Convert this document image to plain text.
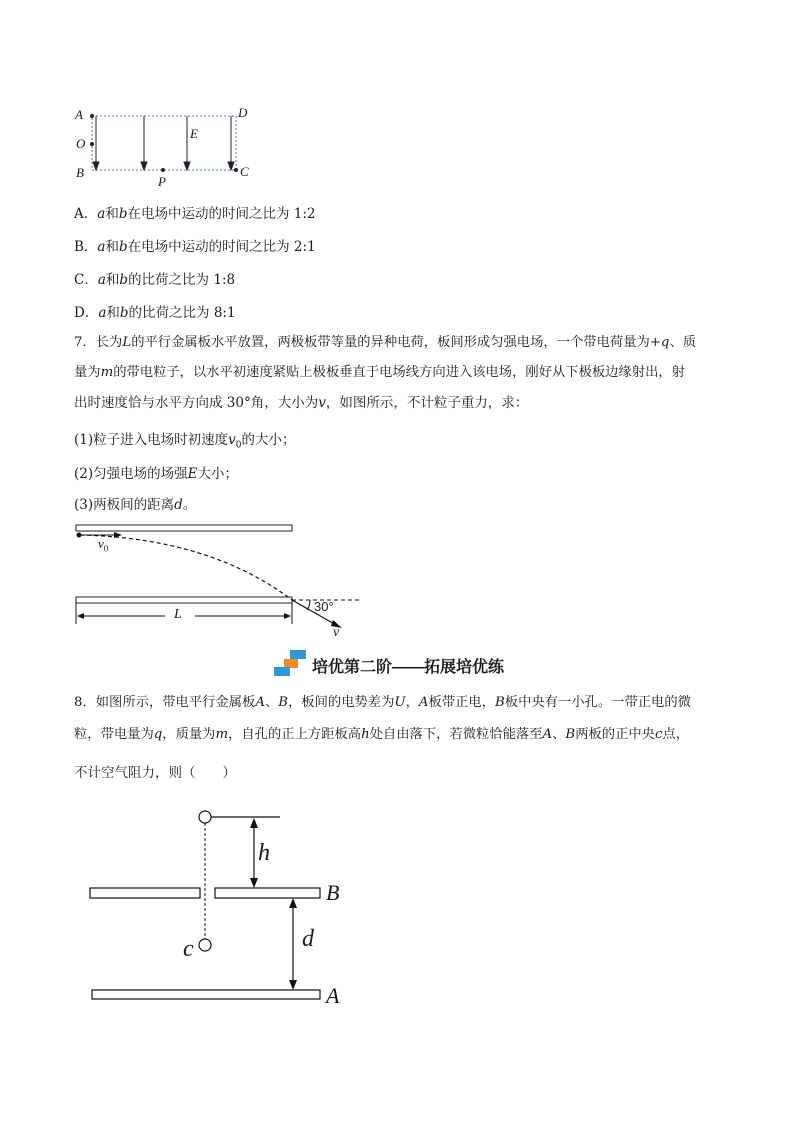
A	D
O
E
B
P
C
A．a和b在电场中运动的时间之比为 1:2
B．a和b在电场中运动的时间之比为 2:1
C．a和b的比荷之比为 1:8
D．a和b的比荷之比为 8:1
7．长为L的平行金属板水平放置，两极板带等量的异种电荷，板间形成匀强电场，一个带电荷量为+q、质
量为m的带电粒子，以水平初速度紧贴上极板垂直于电场线方向进入该电场，刚好从下极板边缘射出，射
出时速度恰与水平方向成 30°角，大小为v，如图所示，不计粒子重力，求：
(1)粒子进入电场时初速度$v_0$的大小；
(2)匀强电场的场强E大小；
(3)两板间的距离d。
$v_0$
L
30°
v
培优第二阶——拓展培优练
8．如图所示，带电平行金属板A、B，板间的电势差为U，A板带正电，B板中央有一小孔。一带正电的微
粒，带电量为q，质量为m，自孔的正上方距板高h处自由落下，若微粒恰能落至A、B两板的正中央c点，
不计空气阻力，则（　　）
h
d
B
A
c
